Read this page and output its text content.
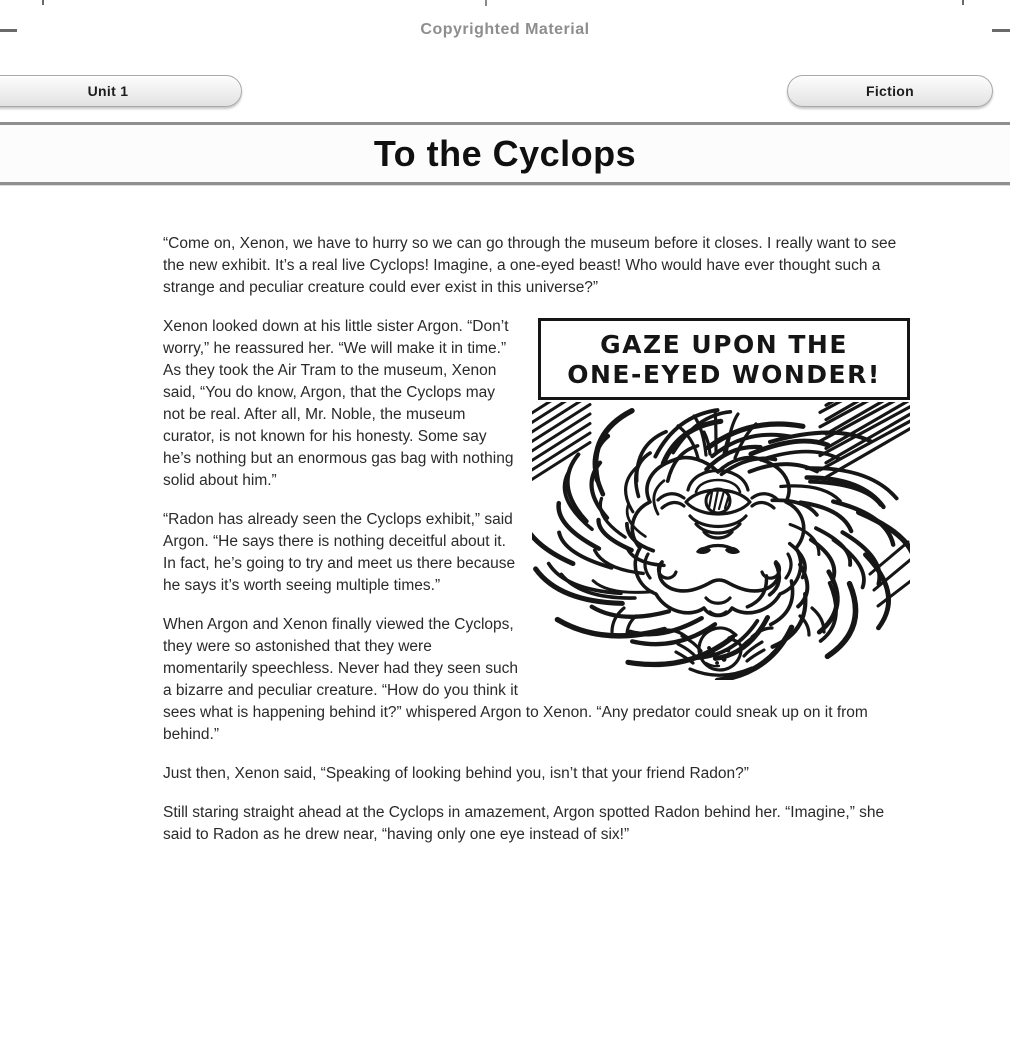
Copyrighted Material
Unit 1	Fiction
To the Cyclops

“Come on, Xenon, we have to hurry so we can go through the museum before it closes. I really want to see the new exhibit. It’s a real live Cyclops! Imagine, a one-eyed beast! Who would have ever thought such a strange and peculiar creature could ever exist in this universe?”

GAZE UPON THE
ONE-EYED WONDER!

Xenon looked down at his little sister Argon. “Don’t worry,” he reassured her. “We will make it in time.” As they took the Air Tram to the museum, Xenon said, “You do know, Argon, that the Cyclops may not be real. After all, Mr. Noble, the museum curator, is not known for his honesty. Some say he’s nothing but an enormous gas bag with nothing solid about him.”

“Radon has already seen the Cyclops exhibit,” said Argon. “He says there is nothing deceitful about it. In fact, he’s going to try and meet us there because he says it’s worth seeing multiple times.”

When Argon and Xenon finally viewed the Cyclops, they were so astonished that they were momentarily speechless. Never had they seen such a bizarre and peculiar creature. “How do you think it sees what is happening behind it?” whispered Argon to Xenon. “Any predator could sneak up on it from behind.”

Just then, Xenon said, “Speaking of looking behind you, isn’t that your friend Radon?”

Still staring straight ahead at the Cyclops in amazement, Argon spotted Radon behind her. “Imagine,” she said to Radon as he drew near, “having only one eye instead of six!”
